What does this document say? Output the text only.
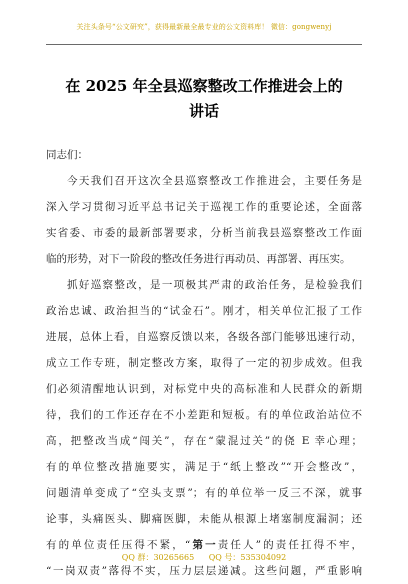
关注头条号“公文研究”，获得最新最全最专业的公文资料库！ 微信：gongwenyj
在 2025 年全县巡察整改工作推进会上的
讲话
同志们：
今天我们召开这次全县巡察整改工作推进会，主要任务是
深入学习贯彻习近平总书记关于巡视工作的重要论述，全面落
实省委、市委的最新部署要求，分析当前我县巡察整改工作面
临的形势，对下一阶段的整改任务进行再动员、再部署、再压实。
抓好巡察整改，是一项极其严肃的政治任务，是检验我们
政治忠诚、政治担当的“试金石”。刚才，相关单位汇报了工作
进展，总体上看，自巡察反馈以来，各级各部门能够迅速行动，
成立工作专班，制定整改方案，取得了一定的初步成效。但我
们必须清醒地认识到，对标党中央的高标准和人民群众的新期
待，我们的工作还存在不小差距和短板。有的单位政治站位不
高，把整改当成“闯关”，存在“蒙混过关”的侥 E 幸心理；
有的单位整改措施要实，满足于“纸上整改”“开会整改”，
问题清单变成了“空头支票”；有的单位举一反三不深，就事
论事，头痛医头、脚痛医脚，未能从根源上堵塞制度漏洞；还
有的单位责任压得不紧，“第一责任人”的责任扛得不牢，
“一岗双责”落得不实，压力层层递减。这些问题，严重影响
QQ 群：30265665 QQ 号：535304092
